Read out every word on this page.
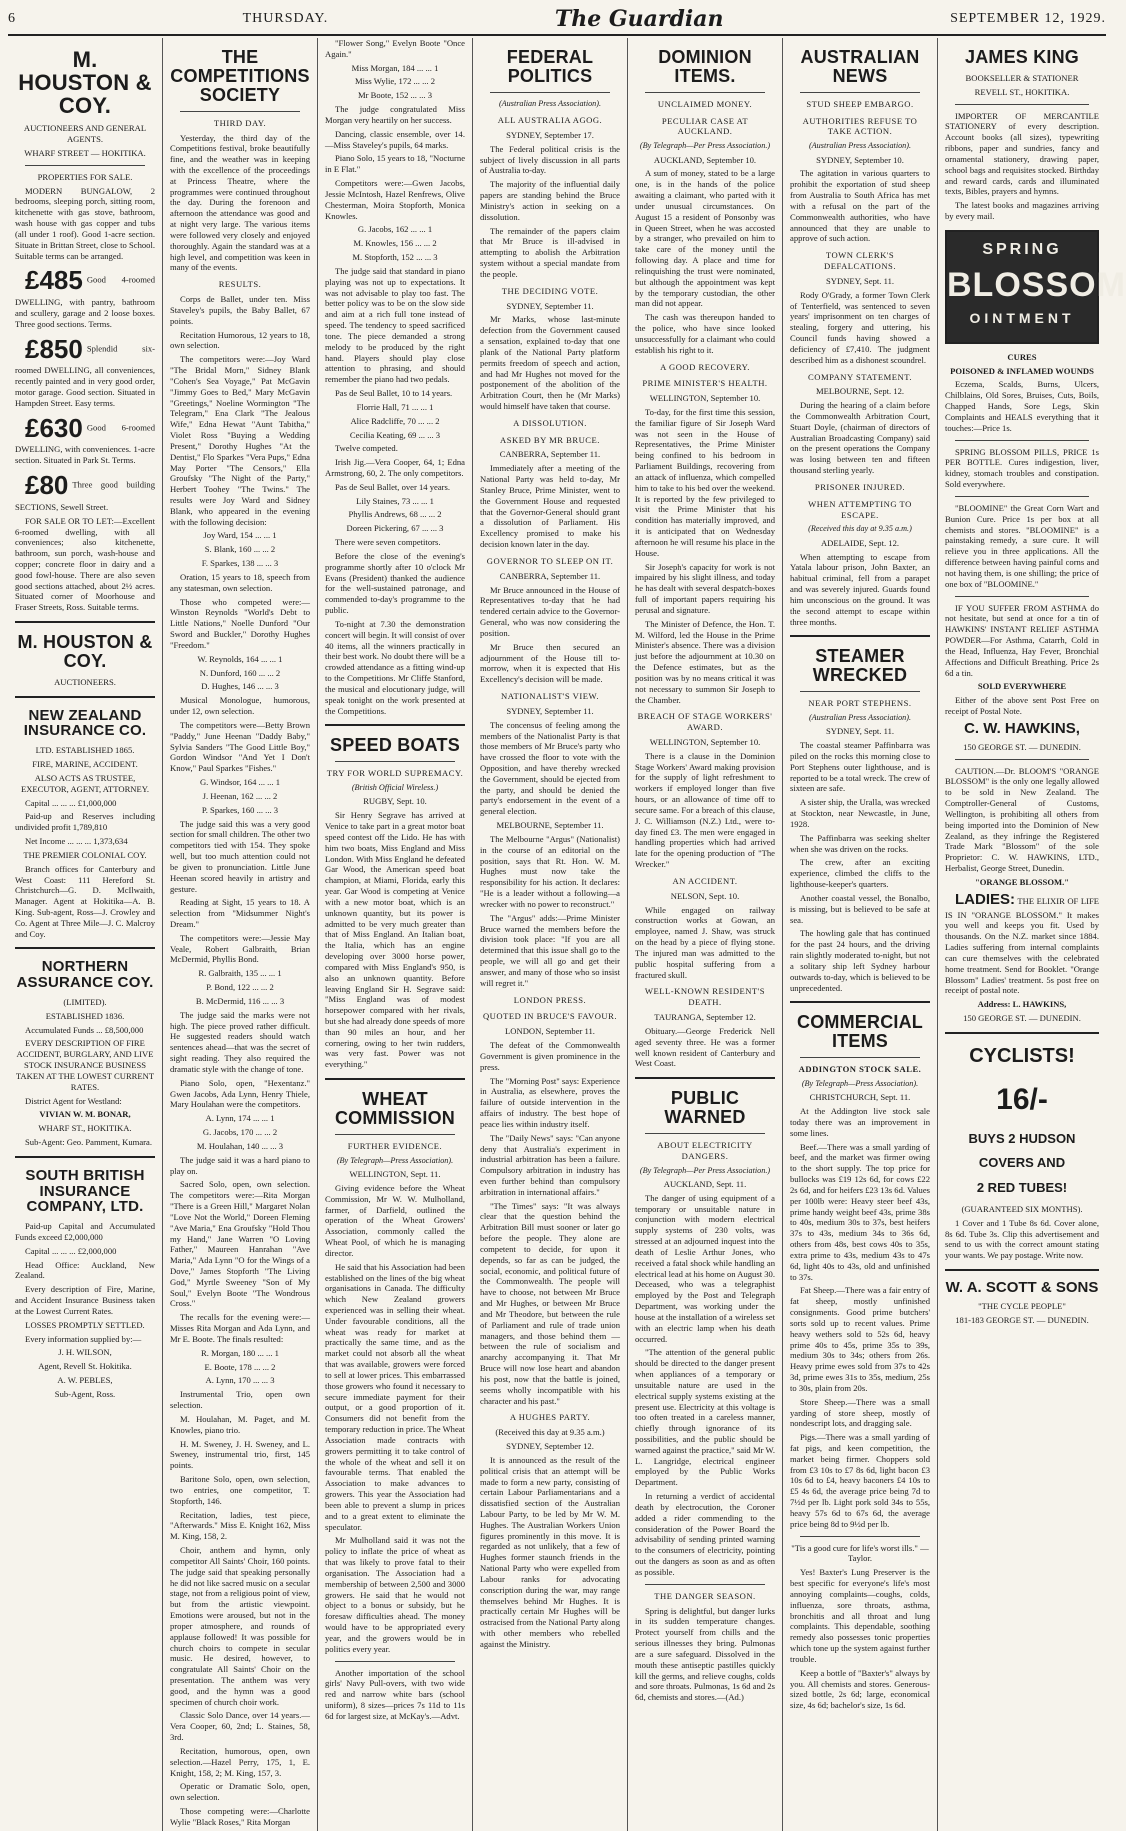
6	THURSDAY.	The Guardian	SEPTEMBER 12, 1929.
M. HOUSTON & COY.
AUCTIONEERS AND GENERAL AGENTS.
WHARF STREET — HOKITIKA.
PROPERTIES FOR SALE.

MODERN BUNGALOW, 2 bedrooms, sleeping porch, sitting room, kitchenette with gas stove, bathroom, wash house with gas copper and tubs (all under 1 roof). Good 1-acre section. Situate in Brittan Street, close to School. Suitable terms can be arranged.

£485 Good 4-roomed DWELLING, with pantry, bathroom and scullery, garage and 2 loose boxes. Three good sections. Terms.

£850 Splendid six-roomed DWELLING, all conveniences, recently painted and in very good order, motor garage. Good section. Situated in Hampden Street. Easy terms.

£630 Good 6-roomed DWELLING, with conveniences. 1-acre section. Situated in Park St. Terms.

£80 Three good building SECTIONS, Sewell Street.

FOR SALE OR TO LET:—Excellent 6-roomed dwelling, with all conveniences; also kitchenette, bathroom, sun porch, wash-house and copper; concrete floor in dairy and a good fowl-house. There are also seven good sections attached, about 2½ acres. Situated corner of Moorhouse and Fraser Streets, Ross. Suitable terms.

M. HOUSTON & COY.
AUCTIONEERS.
NEW ZEALAND INSURANCE CO.
LTD. ESTABLISHED 1865.
FIRE, MARINE, ACCIDENT.
ALSO ACTS AS TRUSTEE, EXECUTOR, AGENT, ATTORNEY.

Capital ... ... ... £1,000,000

Paid-up and Reserves including undivided profit 1,789,810

Net Income ... ... ... 1,373,634

THE PREMIER COLONIAL COY.

Branch offices for Canterbury and West Coast: 111 Hereford St. Christchurch—G. D. McIlwaith, Manager. Agent at Hokitika—A. B. King. Sub-agent, Ross—J. Crowley and Co. Agent at Three Mile—J. C. Malcroy and Coy.

NORTHERN ASSURANCE COY.
(LIMITED).
ESTABLISHED 1836.

Accumulated Funds ... £8,500,000

EVERY DESCRIPTION OF FIRE ACCIDENT, BURGLARY, AND LIVE STOCK INSURANCE BUSINESS TAKEN AT THE LOWEST CURRENT RATES.

District Agent for Westland:

VIVIAN W. M. BONAR,
WHARF ST., HOKITIKA.

Sub-Agent: Geo. Pamment, Kumara.

SOUTH BRITISH INSURANCE COMPANY, LTD.

Paid-up Capital and Accumulated Funds exceed £2,000,000

Capital ... ... ... £2,000,000

Head Office: Auckland, New Zealand.

Every description of Fire, Marine, and Accident Insurance Business taken at the Lowest Current Rates.

LOSSES PROMPTLY SETTLED.

Every information supplied by:—

J. H. WILSON,
Agent, Revell St. Hokitika.
A. W. PEBLES,
Sub-Agent, Ross.
THE COMPETITIONS SOCIETY
THIRD DAY.

Yesterday, the third day of the Competitions festival, broke beautifully fine, and the weather was in keeping with the excellence of the proceedings at Princess Theatre, where the programmes were continued throughout the day. During the forenoon and afternoon the attendance was good and at night very large. The various items were followed very closely and enjoyed thoroughly. Again the standard was at a high level, and competition was keen in many of the events.

RESULTS.

Corps de Ballet, under ten. Miss Staveley's pupils, the Baby Ballet, 67 points.

Recitation Humorous, 12 years to 18, own selection.

The competitors were:—Joy Ward "The Bridal Morn," Sidney Blank "Cohen's Sea Voyage," Pat McGavin "Jimmy Goes to Bed," Mary McGavin "Greetings," Noeline Wormington "The Telegram," Ena Clark "The Jealous Wife," Edna Hewat "Aunt Tabitha," Violet Ross "Buying a Wedding Present," Dorothy Hughes "At the Dentist," Flo Sparkes "Vera Pups," Edna May Porter "The Censors," Ella Groufsky "The Night of the Party," Herbert Toohey "The Twins." The results were Joy Ward and Sidney Blank, who appeared in the evening with the following decision:

Joy Ward, 154 ... ... 1
S. Blank, 160 ... ... 2
F. Sparkes, 138 ... ... 3

Oration, 15 years to 18, speech from any statesman, own selection.

Those who competed were:—Winston Reynolds "World's Debt to Little Nations," Noelle Dunford "Our Sword and Buckler," Dorothy Hughes "Freedom."

W. Reynolds, 164 ... ... 1
N. Dunford, 160 ... ... 2
D. Hughes, 146 ... ... 3

Musical Monologue, humorous, under 12, own selection.

The competitors were—Betty Brown "Paddy," June Heenan "Daddy Baby," Sylvia Sanders "The Good Little Boy," Gordon Windsor "And Yet I Don't Know," Paul Sparkes "Fishes."

G. Windsor, 164 ... ... 1
J. Heenan, 162 ... ... 2
P. Sparkes, 160 ... ... 3

The judge said this was a very good section for small children. The other two competitors tied with 154. They spoke well, but too much attention could not be given to pronunciation. Little June Heenan scored heavily in artistry and gesture.

Reading at Sight, 15 years to 18. A selection from "Midsummer Night's Dream."

The competitors were:—Jessie May Veale, Robert Galbraith, Brian McDermid, Phyllis Bond.

R. Galbraith, 135 ... ... 1
P. Bond, 122 ... ... 2
B. McDermid, 116 ... ... 3

The judge said the marks were not high. The piece proved rather difficult. He suggested readers should watch sentences ahead—that was the secret of sight reading. They also required the dramatic style with the change of tone.

Piano Solo, open, "Hexentanz." Gwen Jacobs, Ada Lynn, Henry Thiele, Mary Houlahan were the competitors.

A. Lynn, 174 ... ... 1
G. Jacobs, 170 ... ... 2
M. Houlahan, 140 ... ... 3

The judge said it was a hard piano to play on.

Sacred Solo, open, own selection. The competitors were:—Rita Morgan "There is a Green Hill," Margaret Nolan "Love Not the World," Doreen Fleming "Ave Maria," Ena Groufsky "Hold Thou my Hand," Jane Warren "O Loving Father," Maureen Hanrahan "Ave Maria," Ada Lynn "O for the Wings of a Dove," James Stopforth "The Living God," Myrtle Sweeney "Son of My Soul," Evelyn Boote "The Wondrous Cross."

The recalls for the evening were:—Misses Rita Morgan and Ada Lynn, and Mr E. Boote. The finals resulted:

R. Morgan, 180 ... ... 1
E. Boote, 178 ... ... 2
A. Lynn, 170 ... ... 3

Instrumental Trio, open own selection.

M. Houlahan, M. Paget, and M. Knowles, piano trio.

H. M. Sweney, J. H. Sweney, and L. Sweney, instrumental trio, first, 145 points.

Baritone Solo, open, own selection, two entries, one competitor, T. Stopforth, 146.

Recitation, ladies, test piece, "Afterwards." Miss E. Knight 162, Miss M. King, 158, 2.

Choir, anthem and hymn, only competitor All Saints' Choir, 160 points. The judge said that speaking personally he did not like sacred music on a secular stage, not from a religious point of view, but from the artistic viewpoint. Emotions were aroused, but not in the proper atmosphere, and rounds of applause followed! It was possible for church choirs to compete in secular music. He desired, however, to congratulate All Saints' Choir on the presentation. The anthem was very good, and the hymn was a good specimen of church choir work.

Classic Solo Dance, over 14 years.—Vera Cooper, 60, 2nd; L. Staines, 58, 3rd.

Recitation, humorous, open, own selection.—Hazel Perry, 175, 1, E. Knight, 158, 2; M. King, 157, 3.

Operatic or Dramatic Solo, open, own selection.

Those competing were:—Charlotte Wylie "Black Roses," Rita Morgan

"Flower Song," Evelyn Boote "Once Again."

Miss Morgan, 184 ... ... 1
Miss Wylie, 172 ... ... 2
Mr Boote, 152 ... ... 3

The judge congratulated Miss Morgan very heartily on her success.

Dancing, classic ensemble, over 14.—Miss Staveley's pupils, 64 marks.

Piano Solo, 15 years to 18, "Nocturne in E Flat."

Competitors were:—Gwen Jacobs, Jessie McIntosh, Hazel Renfrews, Olive Chesterman, Moira Stopforth, Monica Knowles.

G. Jacobs, 162 ... ... 1
M. Knowles, 156 ... ... 2
M. Stopforth, 152 ... ... 3

The judge said that standard in piano playing was not up to expectations. It was not advisable to play too fast. The better policy was to be on the slow side and aim at a rich full tone instead of speed. The tendency to speed sacrificed tone. The piece demanded a strong melody to be produced by the right hand. Players should play close attention to phrasing, and should remember the piano had two pedals.

Pas de Seul Ballet, 10 to 14 years.

Florrie Hall, 71 ... ... 1
Alice Radcliffe, 70 ... ... 2
Cecilia Keating, 69 ... ... 3

Twelve competed.

Irish Jig.—Vera Cooper, 64, 1; Edna Armstrong, 60, 2. The only competitors.

Pas de Seul Ballet, over 14 years.

Lily Staines, 73 ... ... 1
Phyllis Andrews, 68 ... ... 2
Doreen Pickering, 67 ... ... 3

There were seven competitors.

Before the close of the evening's programme shortly after 10 o'clock Mr Evans (President) thanked the audience for the well-sustained patronage, and commended to-day's programme to the public.

To-night at 7.30 the demonstration concert will begin. It will consist of over 40 items, all the winners practically in their best work. No doubt there will be a crowded attendance as a fitting wind-up to the Competitions. Mr Cliffe Stanford, the musical and elocutionary judge, will speak tonight on the work presented at the Competitions.

SPEED BOATS
TRY FOR WORLD SUPREMACY.
(British Official Wireless.)
RUGBY, Sept. 10.

Sir Henry Segrave has arrived at Venice to take part in a great motor boat speed contest off the Lido. He has with him two boats, Miss England and Miss London. With Miss England he defeated Gar Wood, the American speed boat champion, at Miami, Florida, early this year. Gar Wood is competing at Venice with a new motor boat, which is an unknown quantity, but its power is admitted to be very much greater than that of Miss England. An Italian boat, the Italia, which has an engine developing over 3000 horse power, compared with Miss England's 950, is also an unknown quantity. Before leaving England Sir H. Segrave said: "Miss England was of modest horsepower compared with her rivals, but she had already done speeds of more than 90 miles an hour, and her cornering, owing to her twin rudders, was very fast. Power was not everything."

WHEAT COMMISSION
FURTHER EVIDENCE.
(By Telegraph—Press Association).
WELLINGTON, Sept. 11.

Giving evidence before the Wheat Commission, Mr W. W. Mulholland, farmer, of Darfield, outlined the operation of the Wheat Growers' Association, commonly called the Wheat Pool, of which he is managing director.

He said that his Association had been established on the lines of the big wheat organisations in Canada. The difficulty which New Zealand growers experienced was in selling their wheat. Under favourable conditions, all the wheat was ready for market at practically the same time, and as the market could not absorb all the wheat that was available, growers were forced to sell at lower prices. This embarrassed those growers who found it necessary to secure immediate payment for their output, or a good proportion of it. Consumers did not benefit from the temporary reduction in price. The Wheat Association made contracts with growers permitting it to take control of the whole of the wheat and sell it on favourable terms. That enabled the Association to make advances to growers. This year the Association had been able to prevent a slump in prices and to a great extent to eliminate the speculator.

Mr Mulholland said it was not the policy to inflate the price of wheat as that was likely to prove fatal to their organisation. The Association had a membership of between 2,500 and 3000 growers. He said that he would not object to a bonus or subsidy, but he foresaw difficulties ahead. The money would have to be appropriated every year, and the growers would be in politics every year.

Another importation of the school girls' Navy Pull-overs, with two wide red and narrow white bars (school uniform), 8 sizes—prices 7s 11d to 11s 6d for largest size, at McKay's.—Advt.

FEDERAL POLITICS
(Australian Press Association).
ALL AUSTRALIA AGOG.
SYDNEY, September 17.

The Federal political crisis is the subject of lively discussion in all parts of Australia to-day.

The majority of the influential daily papers are standing behind the Bruce Ministry's action in seeking on a dissolution.

The remainder of the papers claim that Mr Bruce is ill-advised in attempting to abolish the Arbitration system without a special mandate from the people.

THE DECIDING VOTE.
SYDNEY, September 11.

Mr Marks, whose last-minute defection from the Government caused a sensation, explained to-day that one plank of the National Party platform permits freedom of speech and action, and had Mr Hughes not moved for the postponement of the abolition of the Arbitration Court, then he (Mr Marks) would himself have taken that course.

A DISSOLUTION.
ASKED BY MR BRUCE.
CANBERRA, September 11.

Immediately after a meeting of the National Party was held to-day, Mr Stanley Bruce, Prime Minister, went to the Government House and requested that the Governor-General should grant a dissolution of Parliament. His Excellency promised to make his decision known later in the day.

GOVERNOR TO SLEEP ON IT.
CANBERRA, September 11.

Mr Bruce announced in the House of Representatives to-day that he had tendered certain advice to the Governor-General, who was now considering the position.

Mr Bruce then secured an adjournment of the House till to-morrow, when it is expected that His Excellency's decision will be made.

NATIONALIST'S VIEW.
SYDNEY, September 11.

The concensus of feeling among the members of the Nationalist Party is that those members of Mr Bruce's party who have crossed the floor to vote with the Opposition, and have thereby wrecked the Government, should be ejected from the party, and should be denied the party's endorsement in the event of a general election.

MELBOURNE, September 11.

The Melbourne "Argus" (Nationalist) in the course of an editorial on the position, says that Rt. Hon. W. M. Hughes must now take the responsibility for his action. It declares: "He is a leader without a following—a wrecker with no power to reconstruct."

The "Argus" adds:—Prime Minister Bruce warned the members before the division took place: "If you are all determined that this issue shall go to the people, we will all go and get their answer, and many of those who so insist will regret it."

LONDON PRESS.
QUOTED IN BRUCE'S FAVOUR.
LONDON, September 11.

The defeat of the Commonwealth Government is given prominence in the press.

The "Morning Post" says: Experience in Australia, as elsewhere, proves the failure of outside intervention in the affairs of industry. The best hope of peace lies within industry itself.

The "Daily News" says: "Can anyone deny that Australia's experiment in industrial arbitration has been a failure. Compulsory arbitration in industry has even further behind than compulsory arbitration in international affairs."

"The Times" says: "It was always clear that the question behind the Arbitration Bill must sooner or later go before the people. They alone are competent to decide, for upon it depends, so far as can be judged, the social, economic, and political future of the Commonwealth. The people will have to choose, not between Mr Bruce and Mr Hughes, or between Mr Bruce and Mr Theodore, but between the rule of Parliament and rule of trade union managers, and those behind them —between the rule of socialism and anarchy accompanying it. That Mr Bruce will now lose heart and abandon his post, now that the battle is joined, seems wholly incompatible with his character and his past."

A HUGHES PARTY.
(Received this day at 9.35 a.m.)
SYDNEY, September 12.

It is announced as the result of the political crisis that an attempt will be made to form a new party, consisting of certain Labour Parliamentarians and a dissatisfied section of the Australian Labour Party, to be led by Mr W. M. Hughes. The Australian Workers Union figures prominently in this move. It is regarded as not unlikely, that a few of Hughes former staunch friends in the National Party who were expelled from Labour ranks for advocating conscription during the war, may range themselves behind Mr Hughes. It is practically certain Mr Hughes will be ostracised from the National Party along with other members who rebelled against the Ministry.

DOMINION ITEMS.
UNCLAIMED MONEY.
PECULIAR CASE AT AUCKLAND.
(By Telegraph—Per Press Association.)
AUCKLAND, September 10.

A sum of money, stated to be a large one, is in the hands of the police awaiting a claimant, who parted with it under unusual circumstances. On August 15 a resident of Ponsonby was in Queen Street, when he was accosted by a stranger, who prevailed on him to take care of the money until the following day. A place and time for relinquishing the trust were nominated, but although the appointment was kept by the temporary custodian, the other man did not appear.

The cash was thereupon handed to the police, who have since looked unsuccessfully for a claimant who could establish his right to it.

A GOOD RECOVERY.
PRIME MINISTER'S HEALTH.
WELLINGTON, September 10.

To-day, for the first time this session, the familiar figure of Sir Joseph Ward was not seen in the House of Representatives, the Prime Minister being confined to his bedroom in Parliament Buildings, recovering from an attack of influenza, which compelled him to take to his bed over the weekend. It is reported by the few privileged to visit the Prime Minister that his condition has materially improved, and it is anticipated that on Wednesday afternoon he will resume his place in the House.

Sir Joseph's capacity for work is not impaired by his slight illness, and today he has dealt with several despatch-boxes full of important papers requiring his perusal and signature.

The Minister of Defence, the Hon. T. M. Wilford, led the House in the Prime Minister's absence. There was a division just before the adjournment at 10.30 on the Defence estimates, but as the position was by no means critical it was not necessary to summon Sir Joseph to the Chamber.

BREACH OF STAGE WORKERS' AWARD.
WELLINGTON, September 10.

There is a clause in the Dominion Stage Workers' Award making provision for the supply of light refreshment to workers if employed longer than five hours, or an allowance of time off to secure same. For a breach of this clause, J. C. Williamson (N.Z.) Ltd., were to-day fined £3. The men were engaged in handling properties which had arrived late for the opening production of "The Wrecker."

AN ACCIDENT.
NELSON, Sept. 10.

While engaged on railway construction works at Gowan, an employee, named J. Shaw, was struck on the head by a piece of flying stone. The injured man was admitted to the public hospital suffering from a fractured skull.

WELL-KNOWN RESIDENT'S DEATH.
TAURANGA, September 12.

Obituary.—George Frederick Nell aged seventy three. He was a former well known resident of Canterbury and West Coast.

PUBLIC WARNED
ABOUT ELECTRICITY DANGERS.
(By Telegraph—Per Press Association.)
AUCKLAND, Sept. 11.

The danger of using equipment of a temporary or unsuitable nature in conjunction with modern electrical supply systems of 230 volts, was stressed at an adjourned inquest into the death of Leslie Arthur Jones, who received a fatal shock while handling an electrical lead at his home on August 30. Deceased, who was a telegraphist employed by the Post and Telegraph Department, was working under the house at the installation of a wireless set with an electric lamp when his death occurred.

"The attention of the general public should be directed to the danger present when appliances of a temporary or unsuitable nature are used in the electrical supply systems existing at the present use. Electricity at this voltage is too often treated in a careless manner, chiefly through ignorance of its possibilities, and the public should be warned against the practice," said Mr W. L. Langridge, electrical engineer employed by the Public Works Department.

In returning a verdict of accidental death by electrocution, the Coroner added a rider commending to the consideration of the Power Board the advisability of sending printed warning to the consumers of electricity, pointing out the dangers as soon as and as often as possible.

THE DANGER SEASON.

Spring is delightful, but danger lurks in its sudden temperature changes. Protect yourself from chills and the serious illnesses they bring. Pulmonas are a sure safeguard. Dissolved in the mouth these antiseptic pastilles quickly kill the germs, and relieve coughs, colds and sore throats. Pulmonas, 1s 6d and 2s 6d, chemists and stores.—(Ad.)

AUSTRALIAN NEWS
STUD SHEEP EMBARGO.
AUTHORITIES REFUSE TO TAKE ACTION.
(Australian Press Association).
SYDNEY, September 10.

The agitation in various quarters to prohibit the exportation of stud sheep from Australia to South Africa has met with a refusal on the part of the Commonwealth authorities, who have announced that they are unable to approve of such action.

TOWN CLERK'S DEFALCATIONS.
SYDNEY, Sept. 11.

Rody O'Grady, a former Town Clerk of Tenterfield, was sentenced to seven years' imprisonment on ten charges of stealing, forgery and uttering, his Council funds having showed a deficiency of £7,410. The judgment described him as a dishonest scoundrel.

COMPANY STATEMENT.
MELBOURNE, Sept. 12.

During the hearing of a claim before the Commonwealth Arbitration Court, Stuart Doyle, (chairman of directors of Australian Broadcasting Company) said on the present operations the Company was losing between ten and fifteen thousand sterling yearly.

PRISONER INJURED.
WHEN ATTEMPTING TO ESCAPE.
(Received this day at 9.35 a.m.)
ADELAIDE, Sept. 12.

When attempting to escape from Yatala labour prison, John Baxter, an habitual criminal, fell from a parapet and was severely injured. Guards found him unconscious on the ground. It was the second attempt to escape within three months.

STEAMER WRECKED
NEAR PORT STEPHENS.
(Australian Press Association).
SYDNEY, Sept. 11.

The coastal steamer Paffinbarra was piled on the rocks this morning close to Port Stephens outer lighthouse, and is reported to be a total wreck. The crew of sixteen are safe.

A sister ship, the Uralla, was wrecked at Stockton, near Newcastle, in June, 1928.

The Paffinbarra was seeking shelter when she was driven on the rocks.

The crew, after an exciting experience, climbed the cliffs to the lighthouse-keeper's quarters.

Another coastal vessel, the Bonalbo, is missing, but is believed to be safe at sea.

The howling gale that has continued for the past 24 hours, and the driving rain slightly moderated to-night, but not a solitary ship left Sydney harbour outwards to-day, which is believed to be unprecedented.

COMMERCIAL ITEMS
ADDINGTON STOCK SALE.
(By Telegraph—Press Association).
CHRISTCHURCH, Sept. 11.

At the Addington live stock sale today there was an improvement in some lines.

Beef.—There was a small yarding of beef, and the market was firmer owing to the short supply. The top price for bullocks was £19 12s 6d, for cows £22 2s 6d, and for heifers £23 13s 6d. Values per 100lb were: Heavy steer beef 43s, prime handy weight beef 43s, prime 38s to 40s, medium 30s to 37s, best heifers 37s to 43s, medium 34s to 36s 6d, others from 48s, best cows 40s to 35s, extra prime to 43s, medium 43s to 47s 6d, light 40s to 43s, old and unfinished to 37s.

Fat Sheep.—There was a fair entry of fat sheep, mostly unfinished consignments. Good prime butchers' sorts sold up to recent values. Prime heavy wethers sold to 52s 6d, heavy prime 40s to 45s, prime 35s to 39s, medium 30s to 34s; others from 26s. Heavy prime ewes sold from 37s to 42s 3d, prime ewes 31s to 35s, medium, 25s to 30s, plain from 20s.

Store Sheep.—There was a small yarding of store sheep, mostly of nondescript lots, and dragging sale.

Pigs.—There was a small yarding of fat pigs, and keen competition, the market being firmer. Choppers sold from £3 10s to £7 8s 6d, light bacon £3 10s 6d to £4, heavy baconers £4 10s to £5 4s 6d, the average price being 7d to 7½d per lb. Light pork sold 34s to 55s, heavy 57s 6d to 67s 6d, the average price being 8d to 9½d per lb.

"Tis a good cure for life's worst ills." —Taylor.

Yes! Baxter's Lung Preserver is the best specific for everyone's life's most annoying complaints—coughs, colds, influenza, sore throats, asthma, bronchitis and all throat and lung complaints. This dependable, soothing remedy also possesses tonic properties which tone up the system against further trouble.

Keep a bottle of "Baxter's" always by you. All chemists and stores. Generous-sized bottle, 2s 6d; large, economical size, 4s 6d; bachelor's size, 1s 6d.

JAMES KING
BOOKSELLER & STATIONER
REVELL ST., HOKITIKA.

IMPORTER OF MERCANTILE STATIONERY of every description. Account books (all sizes), typewriting ribbons, paper and sundries, fancy and ornamental stationery, drawing paper, school bags and requisites stocked. Birthday and reward cards, cards and illuminated texts, Bibles, prayers and hymns.

The latest books and magazines arriving by every mail.

SPRING
BLOSSOM
OINTMENT
CURES
POISONED & INFLAMED WOUNDS

Eczema, Scalds, Burns, Ulcers, Chilblains, Old Sores, Bruises, Cuts, Boils, Chapped Hands, Sore Legs, Skin Complaints and HEALS everything that it touches:—Price 1s.

SPRING BLOSSOM PILLS, PRICE 1s PER BOTTLE. Cures indigestion, liver, kidney, stomach troubles and constipation. Sold everywhere.

"BLOOMINE" the Great Corn Wart and Bunion Cure. Price 1s per box at all chemists and stores. "BLOOMINE" is a painstaking remedy, a sure cure. It will relieve you in three applications. All the difference between having painful corns and not having them, is one shilling; the price of one box of "BLOOMINE."

IF YOU SUFFER FROM ASTHMA do not hesitate, but send at once for a tin of HAWKINS' INSTANT RELIEF ASTHMA POWDER—For Asthma, Catarrh, Cold in the Head, Influenza, Hay Fever, Bronchial Affections and Difficult Breathing. Price 2s 6d a tin.

SOLD EVERYWHERE

Either of the above sent Post Free on receipt of Postal Note.

C. W. HAWKINS,
150 GEORGE ST. — DUNEDIN.

CAUTION.—Dr. BLOOM'S "ORANGE BLOSSOM" is the only one legally allowed to be sold in New Zealand. The Comptroller-General of Customs, Wellington, is prohibiting all others from being imported into the Dominion of New Zealand, as they infringe the Registered Trade Mark "Blossom" of the sole Proprietor: C. W. HAWKINS, LTD., Herbalist, George Street, Dunedin.

"ORANGE BLOSSOM."

LADIES: THE ELIXIR OF LIFE IS IN "ORANGE BLOSSOM." It makes you well and keeps you fit. Used by thousands. On the N.Z. market since 1884. Ladies suffering from internal complaints can cure themselves with the celebrated home treatment. Send for Booklet. "Orange Blossom" Ladies' treatment. 5s post free on receipt of postal note.

Address: L. HAWKINS,
150 GEORGE ST. — DUNEDIN.
CYCLISTS!
16/-
BUYS 2 HUDSON
COVERS AND
2 RED TUBES!
(GUARANTEED SIX MONTHS).

1 Cover and 1 Tube 8s 6d. Cover alone, 8s 6d. Tube 3s. Clip this advertisement and send to us with the correct amount stating your wants. We pay postage. Write now.

W. A. SCOTT & SONS
"THE CYCLE PEOPLE"
181-183 GEORGE ST. — DUNEDIN.
